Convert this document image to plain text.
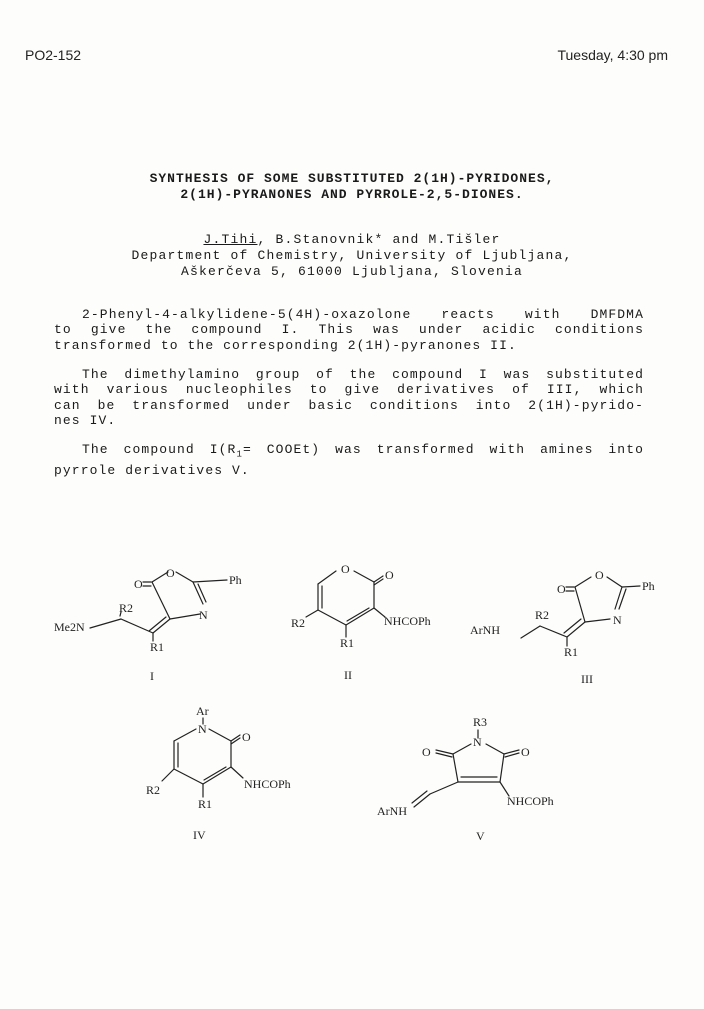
PO2-152	Tuesday, 4:30 pm
SYNTHESIS OF SOME SUBSTITUTED 2(1H)-PYRIDONES,
2(1H)-PYRANONES AND PYRROLE-2,5-DIONES.
J.Tihi, B.Stanovnik* and M.Tišler
Department of Chemistry, University of Ljubljana,
Aškerčeva 5, 61000 Ljubljana, Slovenia
2-Phenyl-4-alkylidene-5(4H)-oxazolone reacts with DMFDMA
to give the compound I. This was under acidic conditions
transformed to the corresponding 2(1H)-pyranones II.
The dimethylamino group of the compound I was substituted
with various nucleophiles to give derivatives of III, which
can be transformed under basic conditions into 2(1H)-pyrido-
nes IV.
The compound $I(R_1=$ COOEt) was transformed with amines into
pyrrole derivatives V.
O
O
N
Ph
Me2N
R2
R1
I
O	O
R2
R1
NHCOPh
II
O
O
N
Ph
ArNH
R2
R1
III
Ar
N
O
R2
R1
NHCOPh
IV
R3
N
O	O
ArNH
NHCOPh
V
